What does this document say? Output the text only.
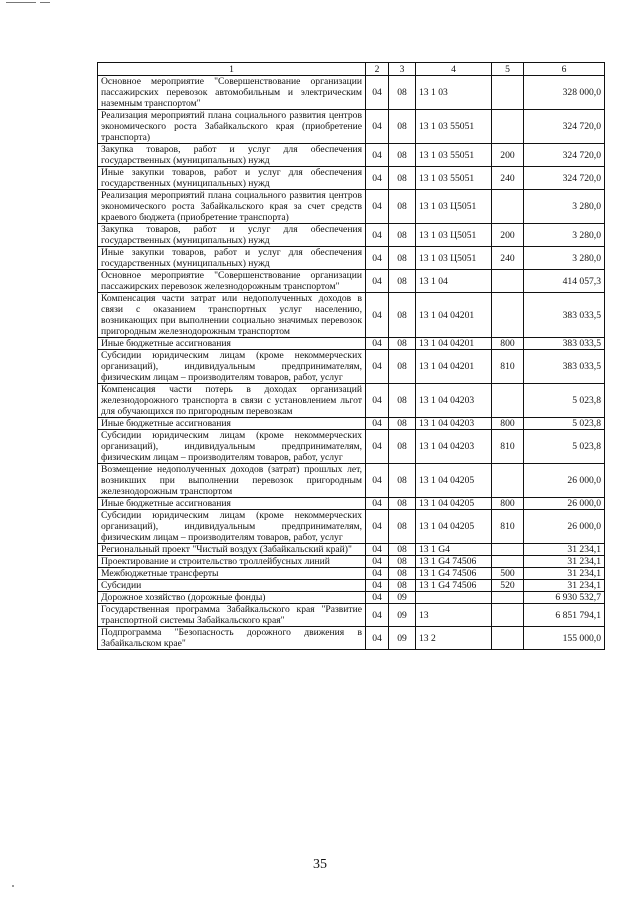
1	2	3	4	5	6
Основное мероприятие "Совершенствование организации пассажирских перевозок автомобильным и электрическим наземным транспортом"	04	08	13 1 03		328 000,0
Реализация мероприятий плана социального развития центров экономического роста Забайкальского края (приобретение транспорта)	04	08	13 1 03 55051		324 720,0
Закупка товаров, работ и услуг для обеспечения государственных (муниципальных) нужд	04	08	13 1 03 55051	200	324 720,0
Иные закупки товаров, работ и услуг для обеспечения государственных (муниципальных) нужд	04	08	13 1 03 55051	240	324 720,0
Реализация мероприятий плана социального развития центров экономического роста Забайкальского края за счет средств краевого бюджета (приобретение транспорта)	04	08	13 1 03 Ц5051		3 280,0
Закупка товаров, работ и услуг для обеспечения государственных (муниципальных) нужд	04	08	13 1 03 Ц5051	200	3 280,0
Иные закупки товаров, работ и услуг для обеспечения государственных (муниципальных) нужд	04	08	13 1 03 Ц5051	240	3 280,0
Основное мероприятие "Совершенствование организации пассажирских перевозок железнодорожным транспортом"	04	08	13 1 04		414 057,3
Компенсация части затрат или недополученных доходов в связи с оказанием транспортных услуг населению, возникающих при выполнении социально значимых перевозок пригородным железнодорожным транспортом	04	08	13 1 04 04201		383 033,5
Иные бюджетные ассигнования	04	08	13 1 04 04201	800	383 033,5
Субсидии юридическим лицам (кроме некоммерческих организаций), индивидуальным предпринимателям, физическим лицам – производителям товаров, работ, услуг	04	08	13 1 04 04201	810	383 033,5
Компенсация части потерь в доходах организаций железнодорожного транспорта в связи с установлением льгот для обучающихся по пригородным перевозкам	04	08	13 1 04 04203		5 023,8
Иные бюджетные ассигнования	04	08	13 1 04 04203	800	5 023,8
Субсидии юридическим лицам (кроме некоммерческих организаций), индивидуальным предпринимателям, физическим лицам – производителям товаров, работ, услуг	04	08	13 1 04 04203	810	5 023,8
Возмещение недополученных доходов (затрат) прошлых лет, возникших при выполнении перевозок пригородным железнодорожным транспортом	04	08	13 1 04 04205		26 000,0
Иные бюджетные ассигнования	04	08	13 1 04 04205	800	26 000,0
Субсидии юридическим лицам (кроме некоммерческих организаций), индивидуальным предпринимателям, физическим лицам – производителям товаров, работ, услуг	04	08	13 1 04 04205	810	26 000,0
Региональный проект "Чистый воздух (Забайкальский край)"	04	08	13 1 G4		31 234,1
Проектирование и строительство троллейбусных линий	04	08	13 1 G4 74506		31 234,1
Межбюджетные трансферты	04	08	13 1 G4 74506	500	31 234,1
Субсидии	04	08	13 1 G4 74506	520	31 234,1
Дорожное хозяйство (дорожные фонды)	04	09			6 930 532,7
Государственная программа Забайкальского края "Развитие транспортной системы Забайкальского края"	04	09	13		6 851 794,1
Подпрограмма "Безопасность дорожного движения в Забайкальском крае"	04	09	13 2		155 000,0
35
